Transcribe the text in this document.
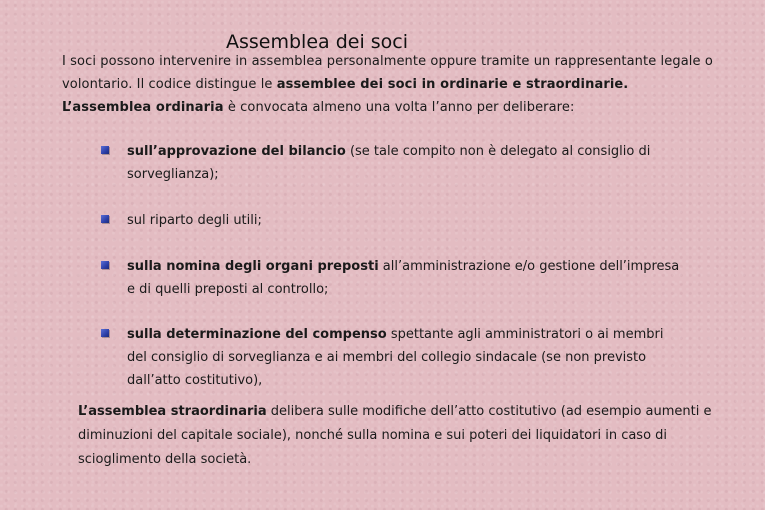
Assemblea dei soci

I soci possono intervenire in assemblea personalmente oppure tramite un rappresentante legale o volontario. Il codice distingue le assemblee dei soci in ordinarie e straordinarie.
L’assemblea ordinaria è convocata almeno una volta l’anno per deliberare:

sull’approvazione del bilancio (se tale compito non è delegato al consiglio di sorveglianza);
sul riparto degli utili;
sulla nomina degli organi preposti all’amministrazione e/o gestione dell’impresa e di quelli preposti al controllo;
sulla determinazione del compenso spettante agli amministratori o ai membri del consiglio di sorveglianza e ai membri del collegio sindacale (se non previsto dall’atto costitutivo),

L’assemblea straordinaria delibera sulle modifiche dell’atto costitutivo (ad esempio aumenti e diminuzioni del capitale sociale), nonché sulla nomina e sui poteri dei liquidatori in caso di scioglimento della società.
